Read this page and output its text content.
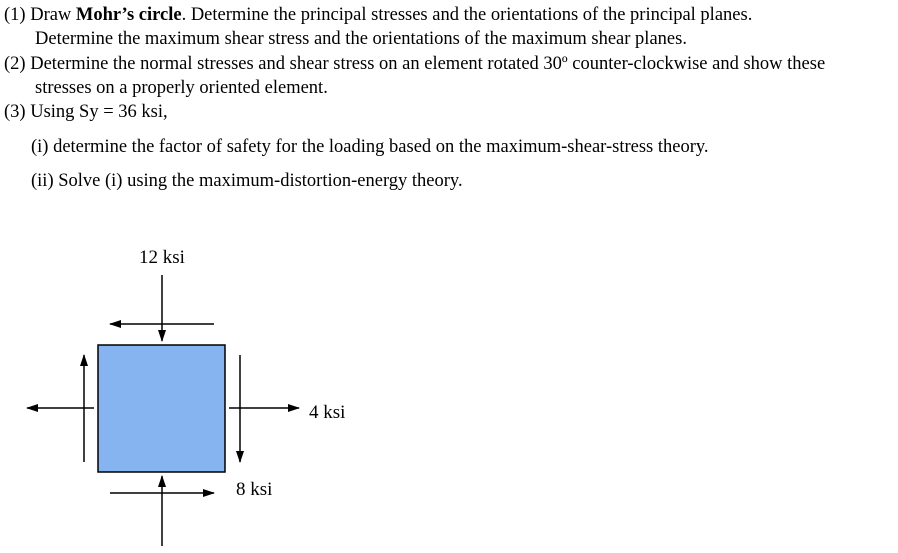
(1) Draw Mohr’s circle. Determine the principal stresses and the orientations of the principal planes.
Determine the maximum shear stress and the orientations of the maximum shear planes.
(2) Determine the normal stresses and shear stress on an element rotated 30º counter-clockwise and show these
stresses on a properly oriented element.
(3) Using Sy = 36 ksi,
(i) determine the factor of safety for the loading based on the maximum-shear-stress theory.
(ii) Solve (i) using the maximum-distortion-energy theory.
12 ksi
4 ksi
8 ksi
